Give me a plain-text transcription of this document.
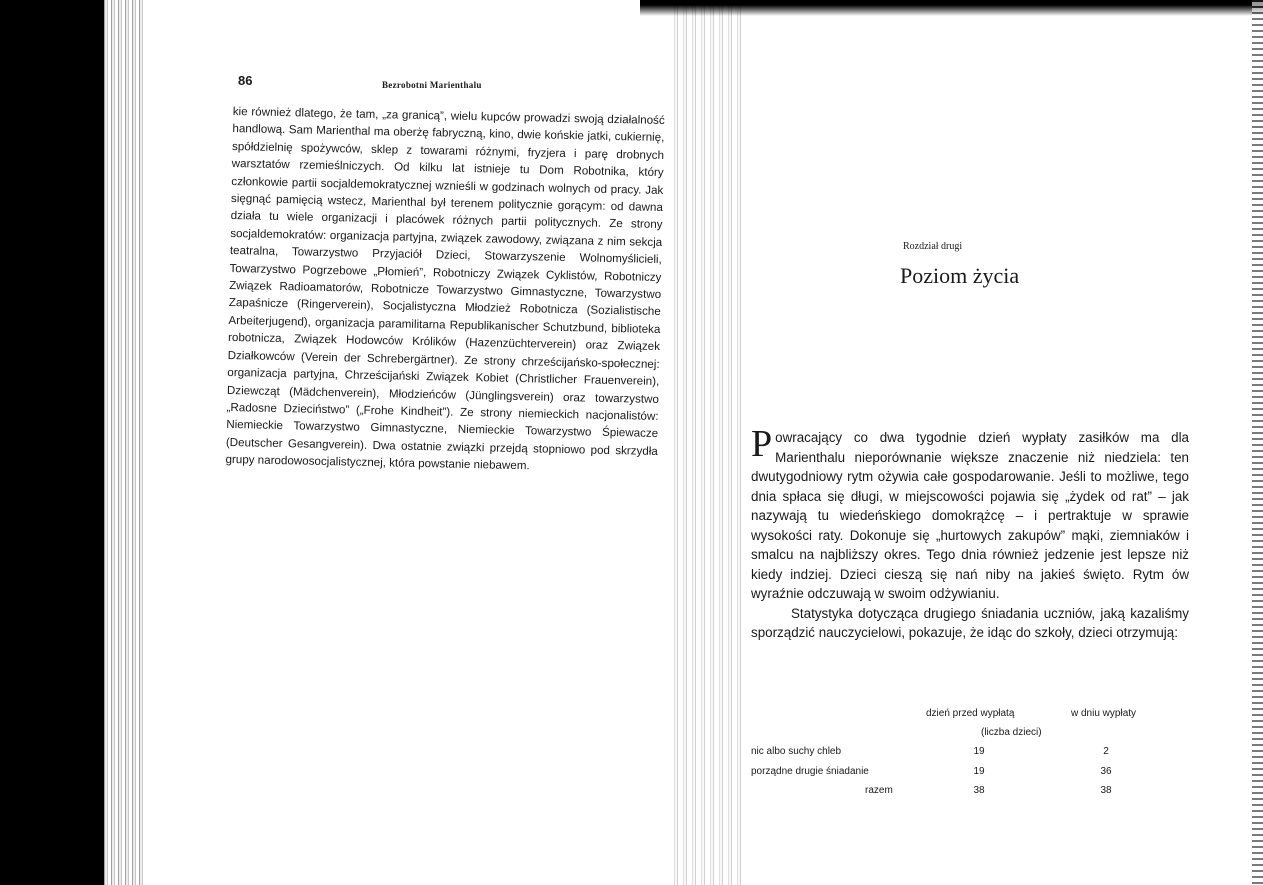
86	Bezrobotni Marienthalu
kie również dlatego, że tam, „za granicą”, wielu kupców prowadzi swoją działalność handlową. Sam Marienthal ma oberżę fabryczną, kino, dwie końskie jatki, cukiernię, spółdzielnię spożywców, sklep z towarami różnymi, fryzjera i parę drobnych warsztatów rzemieślniczych. Od kilku lat istnieje tu Dom Robotnika, który członkowie partii socjaldemokratycznej wznieśli w godzinach wolnych od pracy. Jak sięgnąć pamięcią wstecz, Marienthal był terenem politycznie gorącym: od dawna działa tu wiele organizacji i placówek różnych partii politycznych. Ze strony socjaldemokratów: organizacja partyjna, związek zawodowy, związana z nim sekcja teatralna, Towarzystwo Przyjaciół Dzieci, Stowarzyszenie Wolnomyślicieli, Towarzystwo Pogrzebowe „Płomień”, Robotniczy Związek Cyklistów, Robotniczy Związek Radioamatorów, Robotnicze Towarzystwo Gimnastyczne, Towarzystwo Zapaśnicze (Ringerverein), Socjalistyczna Młodzież Robotnicza (Sozialistische Arbeiterjugend), organizacja paramilitarna Republikanischer Schutzbund, biblioteka robotnicza, Związek Hodowców Królików (Hazenzüchterverein) oraz Związek Działkowców (Verein der Schrebergärtner). Ze strony chrześcijańsko-społecznej: organizacja partyjna, Chrześcijański Związek Kobiet (Christlicher Frauenverein), Dziewcząt (Mädchenverein), Młodzieńców (Jünglingsverein) oraz towarzystwo „Radosne Dzieciństwo” („Frohe Kindheit”). Ze strony niemieckich nacjonalistów: Niemieckie Towarzystwo Gimnastyczne, Niemieckie Towarzystwo Śpiewacze (Deutscher Gesangverein). Dwa ostatnie związki przejdą stopniowo pod skrzydła grupy narodowosocjalistycznej, która powstanie niebawem.
Rozdział drugi
Poziom życia

Powracający co dwa tygodnie dzień wypłaty zasiłków ma dla Marienthalu nieporównanie większe znaczenie niż niedziela: ten dwutygodniowy rytm ożywia całe gospodarowanie. Jeśli to możliwe, tego dnia spłaca się długi, w miejscowości pojawia się „żydek od rat” – jak nazywają tu wiedeńskiego domokrążcę – i pertraktuje w sprawie wysokości raty. Dokonuje się „hurtowych zakupów” mąki, ziemniaków i smalcu na najbliższy okres. Tego dnia również jedzenie jest lepsze niż kiedy indziej. Dzieci cieszą się nań niby na jakieś święto. Rytm ów wyraźnie odczuwają w swoim odżywianiu.

Statystyka dotycząca drugiego śniadania uczniów, jaką kazaliśmy sporządzić nauczycielowi, pokazuje, że idąc do szkoły, dzieci otrzymują:

dzień przed wypłatą	w dniu wypłaty
(liczba dzieci)
nic albo suchy chleb	19	2
porządne drugie śniadanie	19	36
razem	38	38
